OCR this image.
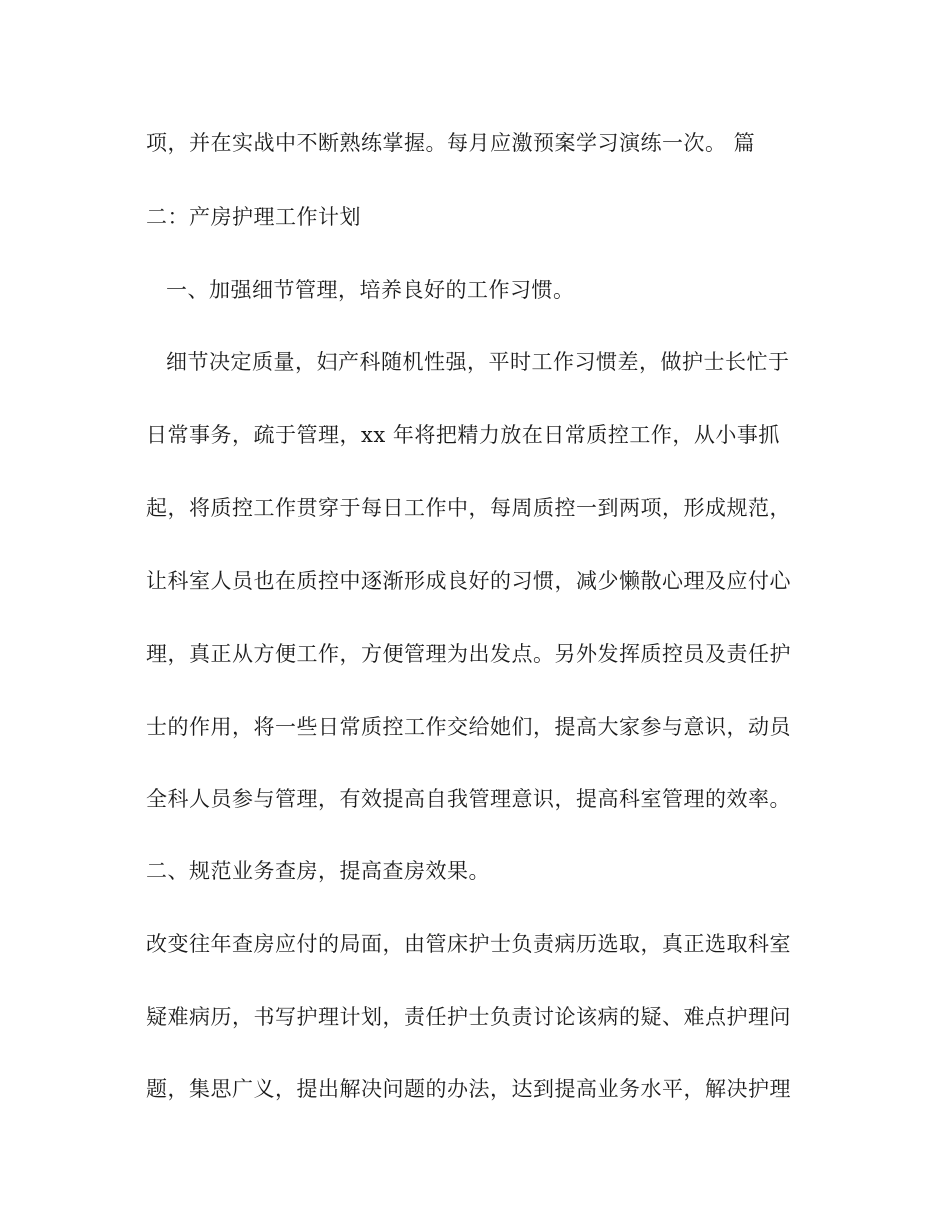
项，并在实战中不断熟练掌握。每月应激预案学习演练一次。 篇
二：产房护理工作计划
一、加强细节管理，培养良好的工作习惯。
细节决定质量，妇产科随机性强，平时工作习惯差，做护士长忙于
日常事务，疏于管理，xx 年将把精力放在日常质控工作，从小事抓
起，将质控工作贯穿于每日工作中，每周质控一到两项，形成规范，
让科室人员也在质控中逐渐形成良好的习惯，减少懒散心理及应付心
理，真正从方便工作，方便管理为出发点。另外发挥质控员及责任护
士的作用，将一些日常质控工作交给她们，提高大家参与意识，动员
全科人员参与管理，有效提高自我管理意识，提高科室管理的效率。
二、规范业务查房，提高查房效果。
改变往年查房应付的局面，由管床护士负责病历选取，真正选取科室
疑难病历，书写护理计划，责任护士负责讨论该病的疑、难点护理问
题，集思广义，提出解决问题的办法，达到提高业务水平，解决护理
